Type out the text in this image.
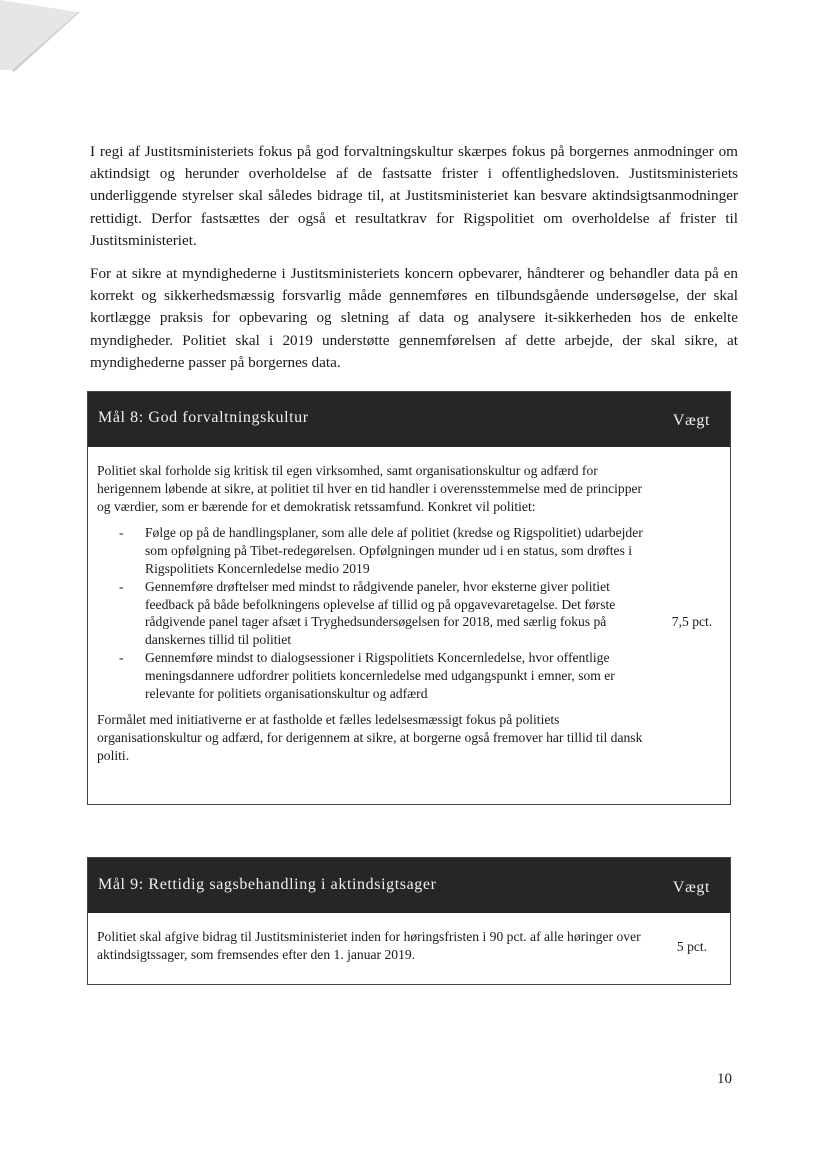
I regi af Justitsministeriets fokus på god forvaltningskultur skærpes fokus på borgernes anmodninger om aktindsigt og herunder overholdelse af de fastsatte frister i offentlighedsloven. Justitsministeriets underliggende styrelser skal således bidrage til, at Justitsministeriet kan besvare aktindsigtsanmodninger rettidigt. Derfor fastsættes der også et resultatkrav for Rigspolitiet om overholdelse af frister til Justitsministeriet.

For at sikre at myndighederne i Justitsministeriets koncern opbevarer, håndterer og behandler data på en korrekt og sikkerhedsmæssig forsvarlig måde gennemføres en tilbundsgående undersøgelse, der skal kortlægge praksis for opbevaring og sletning af data og analysere it-sikkerheden hos de enkelte myndigheder. Politiet skal i 2019 understøtte gennemførelsen af dette arbejde, der skal sikre, at myndighederne passer på borgernes data.

Mål 8: God forvaltningskultur	Vægt

Politiet skal forholde sig kritisk til egen virksomhed, samt organisationskultur og adfærd for herigennem løbende at sikre, at politiet til hver en tid handler i overensstemmelse med de principper og værdier, som er bærende for et demokratisk retssamfund. Konkret vil politiet:

- Følge op på de handlingsplaner, som alle dele af politiet (kredse og Rigspolitiet) udarbejder som opfølgning på Tibet-redegørelsen. Opfølgningen munder ud i en status, som drøftes i Rigspolitiets Koncernledelse medio 2019
- Gennemføre drøftelser med mindst to rådgivende paneler, hvor eksterne giver politiet feedback på både befolkningens oplevelse af tillid og på opgavevaretagelse. Det første rådgivende panel tager afsæt i Tryghedsundersøgelsen for 2018, med særlig fokus på danskernes tillid til politiet
- Gennemføre mindst to dialogsessioner i Rigspolitiets Koncernledelse, hvor offentlige meningsdannere udfordrer politiets koncernledelse med udgangspunkt i emner, som er relevante for politiets organisationskultur og adfærd

Formålet med initiativerne er at fastholde et fælles ledelsesmæssigt fokus på politiets organisationskultur og adfærd, for derigennem at sikre, at borgerne også fremover har tillid til dansk politi.

7,5 pct.
Mål 9: Rettidig sagsbehandling i aktindsigtsager	Vægt

Politiet skal afgive bidrag til Justitsministeriet inden for høringsfristen i 90 pct. af alle høringer over aktindsigtssager, som fremsendes efter den 1. januar 2019.

5 pct.
10
